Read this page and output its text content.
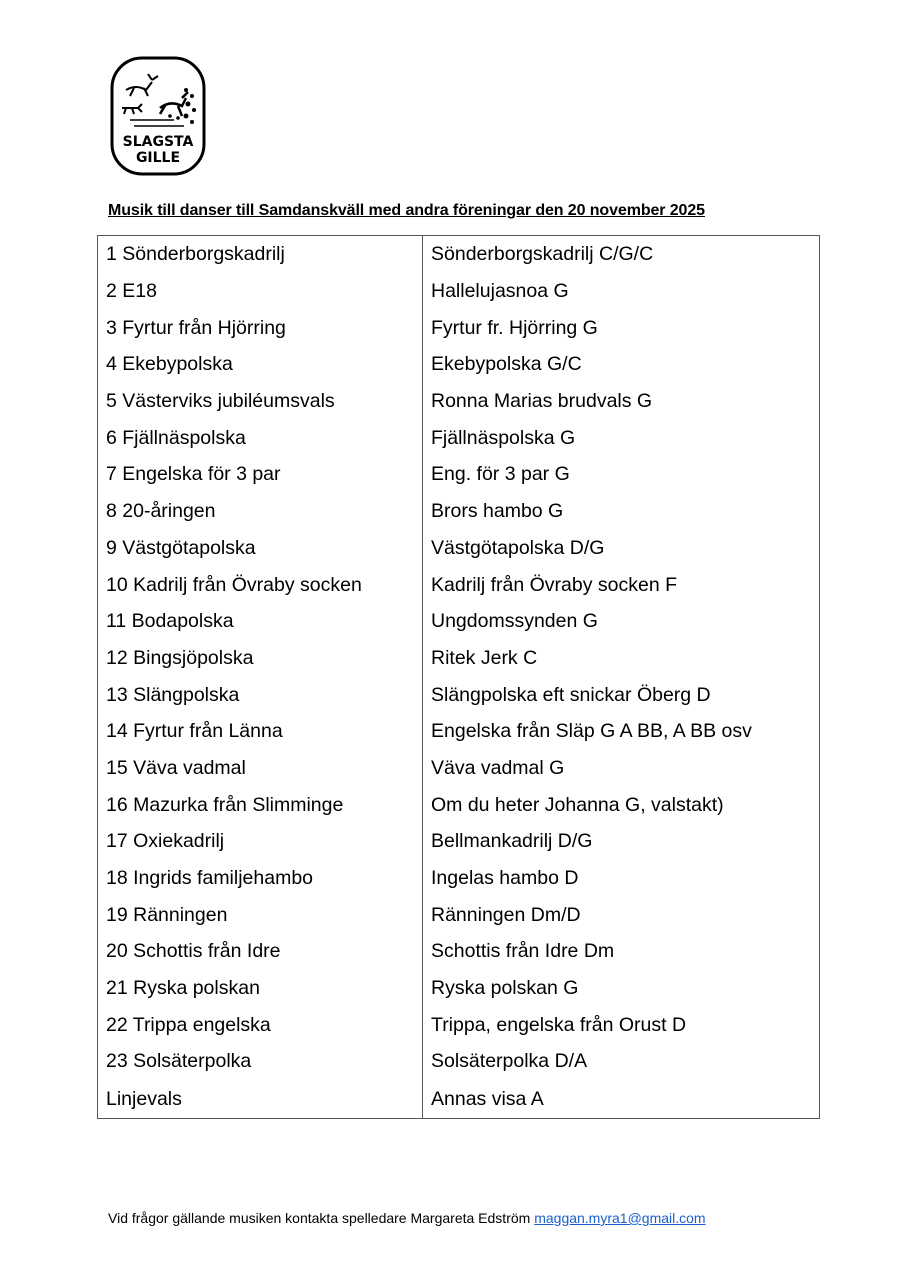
SLAGSTA
GILLE
Musik till danser till Samdanskväll med andra föreningar den 20 november 2025
1 Sönderborgskadrilj	Sönderborgskadrilj C/G/C
2 E18	Hallelujasnoa G
3 Fyrtur från Hjörring	Fyrtur fr. Hjörring G
4 Ekebypolska	Ekebypolska G/C
5 Västerviks jubiléumsvals	Ronna Marias brudvals G
6 Fjällnäspolska	Fjällnäspolska G
7 Engelska för 3 par	Eng. för 3 par G
8 20-åringen	Brors hambo G
9 Västgötapolska	Västgötapolska D/G
10 Kadrilj från Övraby socken	Kadrilj från Övraby socken F
11 Bodapolska	Ungdomssynden G
12 Bingsjöpolska	Ritek Jerk C
13 Slängpolska	Slängpolska eft snickar Öberg D
14 Fyrtur från Länna	Engelska från Släp G A BB, A BB osv
15 Väva vadmal	Väva vadmal G
16 Mazurka från Slimminge	Om du heter Johanna G, valstakt)
17 Oxiekadrilj	Bellmankadrilj D/G
18 Ingrids familjehambo	Ingelas hambo D
19 Ränningen	Ränningen Dm/D
20 Schottis från Idre	Schottis från Idre Dm
21 Ryska polskan	Ryska polskan G
22 Trippa engelska	Trippa, engelska från Orust D
23 Solsäterpolka	Solsäterpolka D/A
Linjevals	Annas visa A
Vid frågor gällande musiken kontakta spelledare Margareta Edström maggan.myra1@gmail.com
